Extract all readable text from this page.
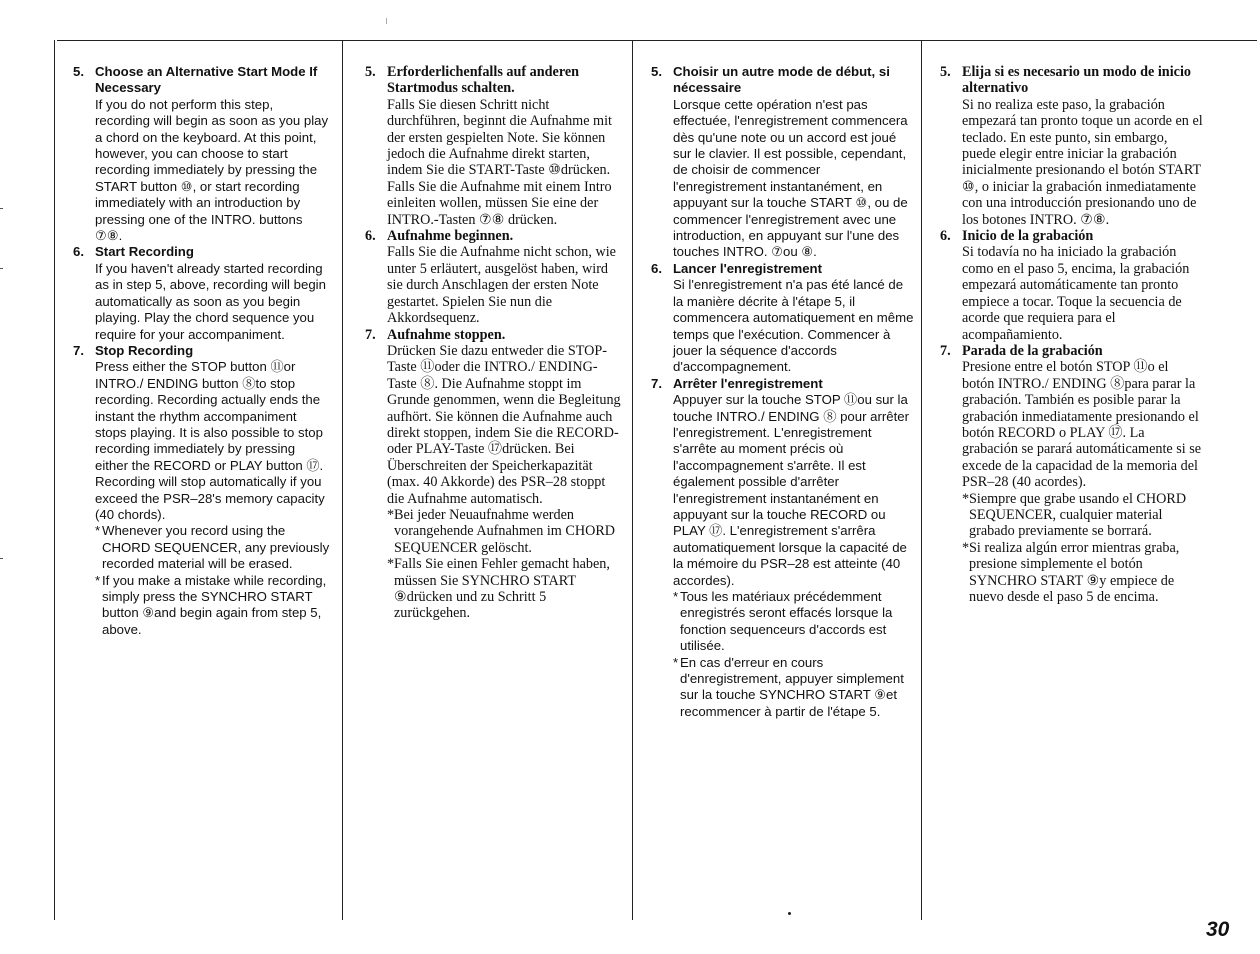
5. Choose an Alternative Start Mode If Necessary
If you do not perform this step, recording will begin as soon as you play a chord on the keyboard. At this point, however, you can choose to start recording immediately by pressing the START button ⑩, or start recording immediately with an introduction by pressing one of the INTRO. buttons ⑦⑧.
6. Start Recording
If you haven't already started recording as in step 5, above, recording will begin automatically as soon as you begin playing. Play the chord sequence you require for your accompaniment.
7. Stop Recording
Press either the STOP button ⑪or INTRO./ ENDING button ⑧to stop recording. Recording actually ends the instant the rhythm accompaniment stops playing. It is also possible to stop recording immediately by pressing either the RECORD or PLAY button ⑰. Recording will stop automatically if you exceed the PSR–28's memory capacity (40 chords).
* Whenever you record using the CHORD SEQUENCER, any previously recorded material will be erased.
* If you make a mistake while recording, simply press the SYNCHRO START button ⑨and begin again from step 5, above.
5. Erforderlichenfalls auf anderen Startmodus schalten.
Falls Sie diesen Schritt nicht durchführen, beginnt die Aufnahme mit der ersten gespielten Note. Sie können jedoch die Aufnahme direkt starten, indem Sie die START-Taste ⑩drücken. Falls Sie die Aufnahme mit einem Intro einleiten wollen, müssen Sie eine der INTRO.-Tasten ⑦⑧ drücken.
6. Aufnahme beginnen.
Falls Sie die Aufnahme nicht schon, wie unter 5 erläutert, ausgelöst haben, wird sie durch Anschlagen der ersten Note gestartet. Spielen Sie nun die Akkordsequenz.
7. Aufnahme stoppen.
Drücken Sie dazu entweder die STOP-Taste ⑪oder die INTRO./ ENDING-Taste ⑧. Die Aufnahme stoppt im Grunde genommen, wenn die Begleitung aufhört. Sie können die Aufnahme auch direkt stoppen, indem Sie die RECORD- oder PLAY-Taste ⑰drücken. Bei Überschreiten der Speicherkapazität (max. 40 Akkorde) des PSR–28 stoppt die Aufnahme automatisch.
* Bei jeder Neuaufnahme werden vorangehende Aufnahmen im CHORD SEQUENCER gelöscht.
* Falls Sie einen Fehler gemacht haben, müssen Sie SYNCHRO START ⑨drücken und zu Schritt 5 zurückgehen.
5. Choisir un autre mode de début, si nécessaire
Lorsque cette opération n'est pas effectuée, l'enregistrement commencera dès qu'une note ou un accord est joué sur le clavier. Il est possible, cependant, de choisir de commencer l'enregistrement instantanément, en appuyant sur la touche START ⑩, ou de commencer l'enregistrement avec une introduction, en appuyant sur l'une des touches INTRO. ⑦ou ⑧.
6. Lancer l'enregistrement
Si l'enregistrement n'a pas été lancé de la manière décrite à l'étape 5, il commencera automatiquement en même temps que l'exécution. Commencer à jouer la séquence d'accords d'accompagnement.
7. Arrêter l'enregistrement
Appuyer sur la touche STOP ⑪ou sur la touche INTRO./ ENDING ⑧ pour arrêter l'enregistrement. L'enregistrement s'arrête au moment précis où l'accompagnement s'arrête. Il est également possible d'arrêter l'enregistrement instantanément en appuyant sur la touche RECORD ou PLAY ⑰. L'enregistrement s'arrêra automatiquement lorsque la capacité de la mémoire du PSR–28 est atteinte (40 accordes).
* Tous les matériaux précédemment enregistrés seront effacés lorsque la fonction sequenceurs d'accords est utilisée.
* En cas d'erreur en cours d'enregistrement, appuyer simplement sur la touche SYNCHRO START ⑨et recommencer à partir de l'étape 5.
5. Elija si es necesario un modo de inicio alternativo
Si no realiza este paso, la grabación empezará tan pronto toque un acorde en el teclado. En este punto, sin embargo, puede elegir entre iniciar la grabación inicialmente presionando el botón START ⑩, o iniciar la grabación inmediatamente con una introducción presionando uno de los botones INTRO. ⑦⑧.
6. Inicio de la grabación
Si todavía no ha iniciado la grabación como en el paso 5, encima, la grabación empezará automáticamente tan pronto empiece a tocar. Toque la secuencia de acorde que requiera para el acompañamiento.
7. Parada de la grabación
Presione entre el botón STOP ⑪o el botón INTRO./ ENDING ⑧para parar la grabación. También es posible parar la grabación inmediatamente presionando el botón RECORD o PLAY ⑰. La grabación se parará automáticamente si se excede de la capacidad de la memoria del PSR–28 (40 acordes).
* Siempre que grabe usando el CHORD SEQUENCER, cualquier material grabado previamente se borrará.
* Si realiza algún error mientras graba, presione simplemente el botón SYNCHRO START ⑨y empiece de nuevo desde el paso 5 de encima.
30
